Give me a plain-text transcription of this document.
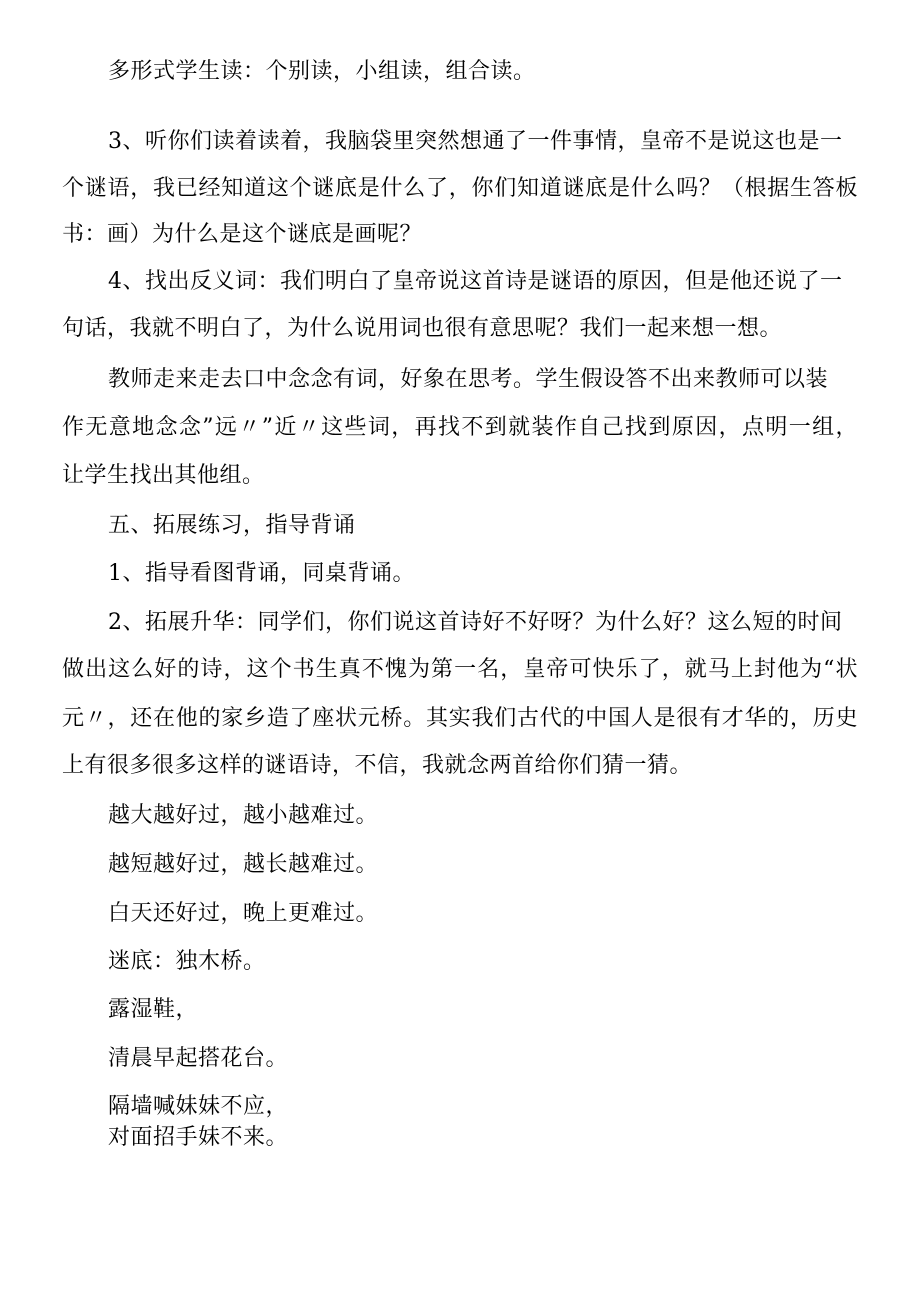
多形式学生读：个别读，小组读，组合读。
3、听你们读着读着，我脑袋里突然想通了一件事情，皇帝不是说这也是一
个谜语，我已经知道这个谜底是什么了，你们知道谜底是什么吗？（根据生答板
书：画）为什么是这个谜底是画呢？
4、找出反义词：我们明白了皇帝说这首诗是谜语的原因，但是他还说了一
句话，我就不明白了，为什么说用词也很有意思呢？我们一起来想一想。
教师走来走去口中念念有词，好象在思考。学生假设答不出来教师可以装
作无意地念念”远〃”近〃这些词，再找不到就装作自己找到原因，点明一组，
让学生找出其他组。
五、拓展练习，指导背诵
1、指导看图背诵，同桌背诵。
2、拓展升华：同学们，你们说这首诗好不好呀？为什么好？这么短的时间
做出这么好的诗，这个书生真不愧为第一名，皇帝可快乐了，就马上封他为“状
元〃，还在他的家乡造了座状元桥。其实我们古代的中国人是很有才华的，历史
上有很多很多这样的谜语诗，不信，我就念两首给你们猜一猜。
越大越好过，越小越难过。
越短越好过，越长越难过。
白天还好过，晚上更难过。
迷底：独木桥。
露湿鞋，
清晨早起搭花台。
隔墙喊妹妹不应，
对面招手妹不来。
